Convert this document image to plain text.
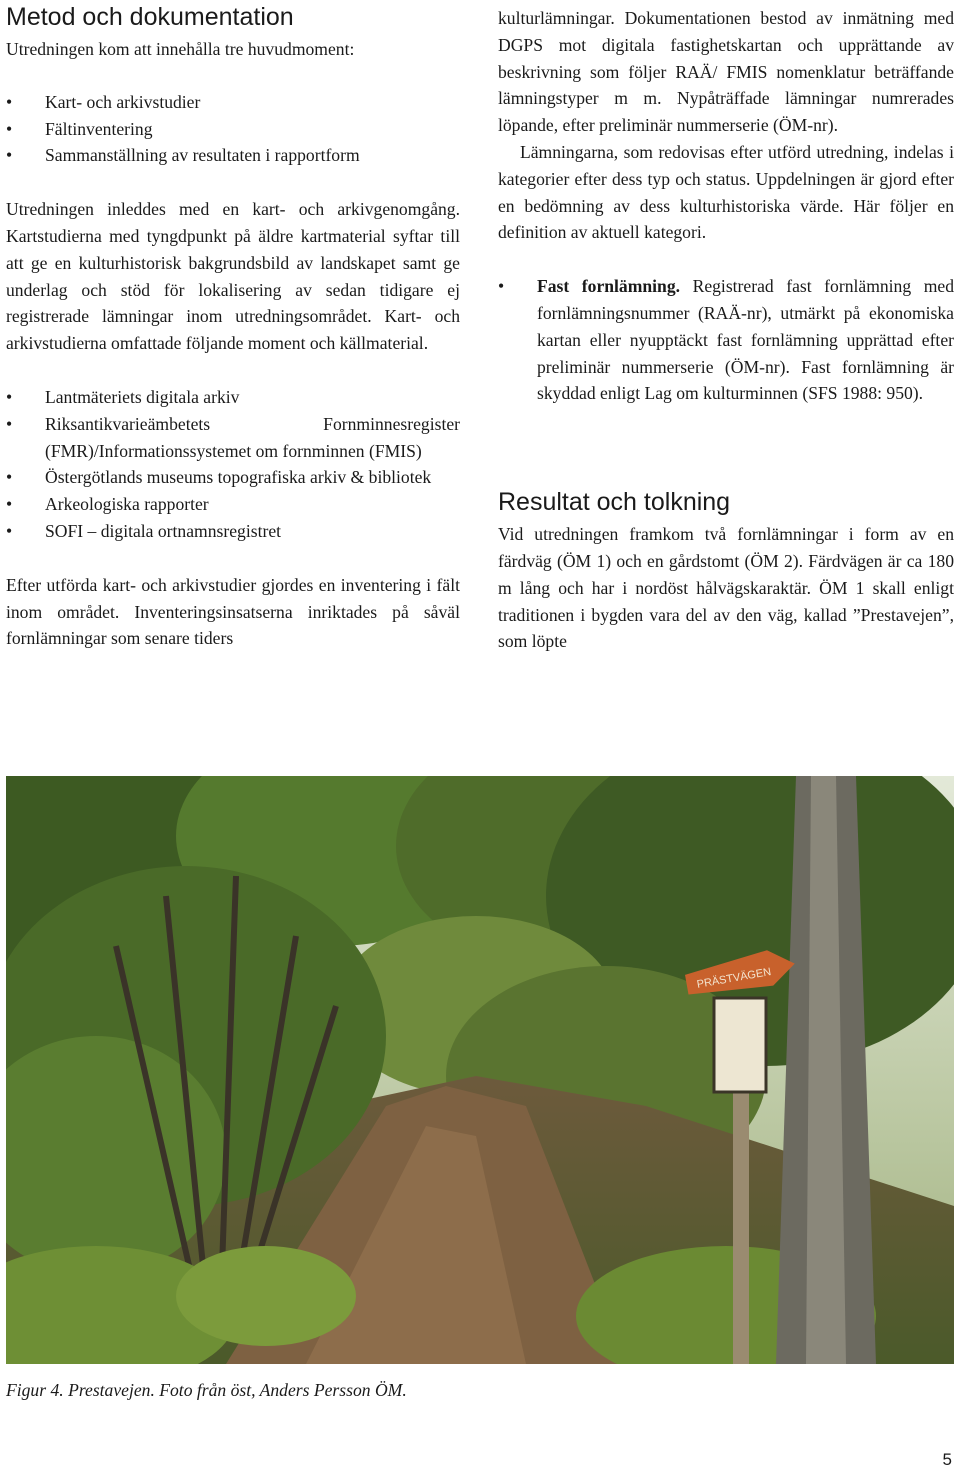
Metod och dokumentation

Utredningen kom att innehålla tre huvudmoment:

• Kart- och arkivstudier
• Fältinventering
• Sammanställning av resultaten i rapportform

Utredningen inleddes med en kart- och arkivgenomgång. Kartstudierna med tyngdpunkt på äldre kartmaterial syftar till att ge en kulturhistorisk bakgrundsbild av landskapet samt ge underlag och stöd för lokalisering av sedan tidigare ej registrerade lämningar inom utredningsområdet. Kart- och arkivstudierna omfattade följande moment och källmaterial.

• Lantmäteriets digitala arkiv
• Riksantikvarieämbetets Fornminnesregister (FMR)/Informationssystemet om fornminnen (FMIS)
• Östergötlands museums topografiska arkiv & bibliotek
• Arkeologiska rapporter
• SOFI – digitala ortnamnsregistret

Efter utförda kart- och arkivstudier gjordes en inventering i fält inom området. Inventeringsinsatserna inriktades på såväl fornlämningar som senare tiders

kulturlämningar. Dokumentationen bestod av inmätning med DGPS mot digitala fastighetskartan och upprättande av beskrivning som följer RAÄ/ FMIS nomenklatur beträffande lämningstyper m m. Nypåträffade lämningar numrerades löpande, efter preliminär nummerserie (ÖM-nr).

Lämningarna, som redovisas efter utförd utredning, indelas i kategorier efter dess typ och status. Uppdelningen är gjord efter en bedömning av dess kulturhistoriska värde. Här följer en definition av aktuell kategori.

• Fast fornlämning. Registrerad fast fornlämning med fornlämningsnummer (RAÄ-nr), utmärkt på ekonomiska kartan eller nyupptäckt fast fornlämning upprättad efter preliminär nummerserie (ÖM-nr). Fast fornlämning är skyddad enligt Lag om kulturminnen (SFS 1988: 950).
Resultat och tolkning

Vid utredningen framkom två fornlämningar i form av en färdväg (ÖM 1) och en gårdstomt (ÖM 2). Färdvägen är ca 180 m lång och har i nordöst hålvägskaraktär. ÖM 1 skall enligt traditionen i bygden vara del av den väg, kallad ”Prestavejen”, som löpte

PRÄSTVÄGEN
Figur 4. Prestavejen. Foto från öst, Anders Persson ÖM.
5
